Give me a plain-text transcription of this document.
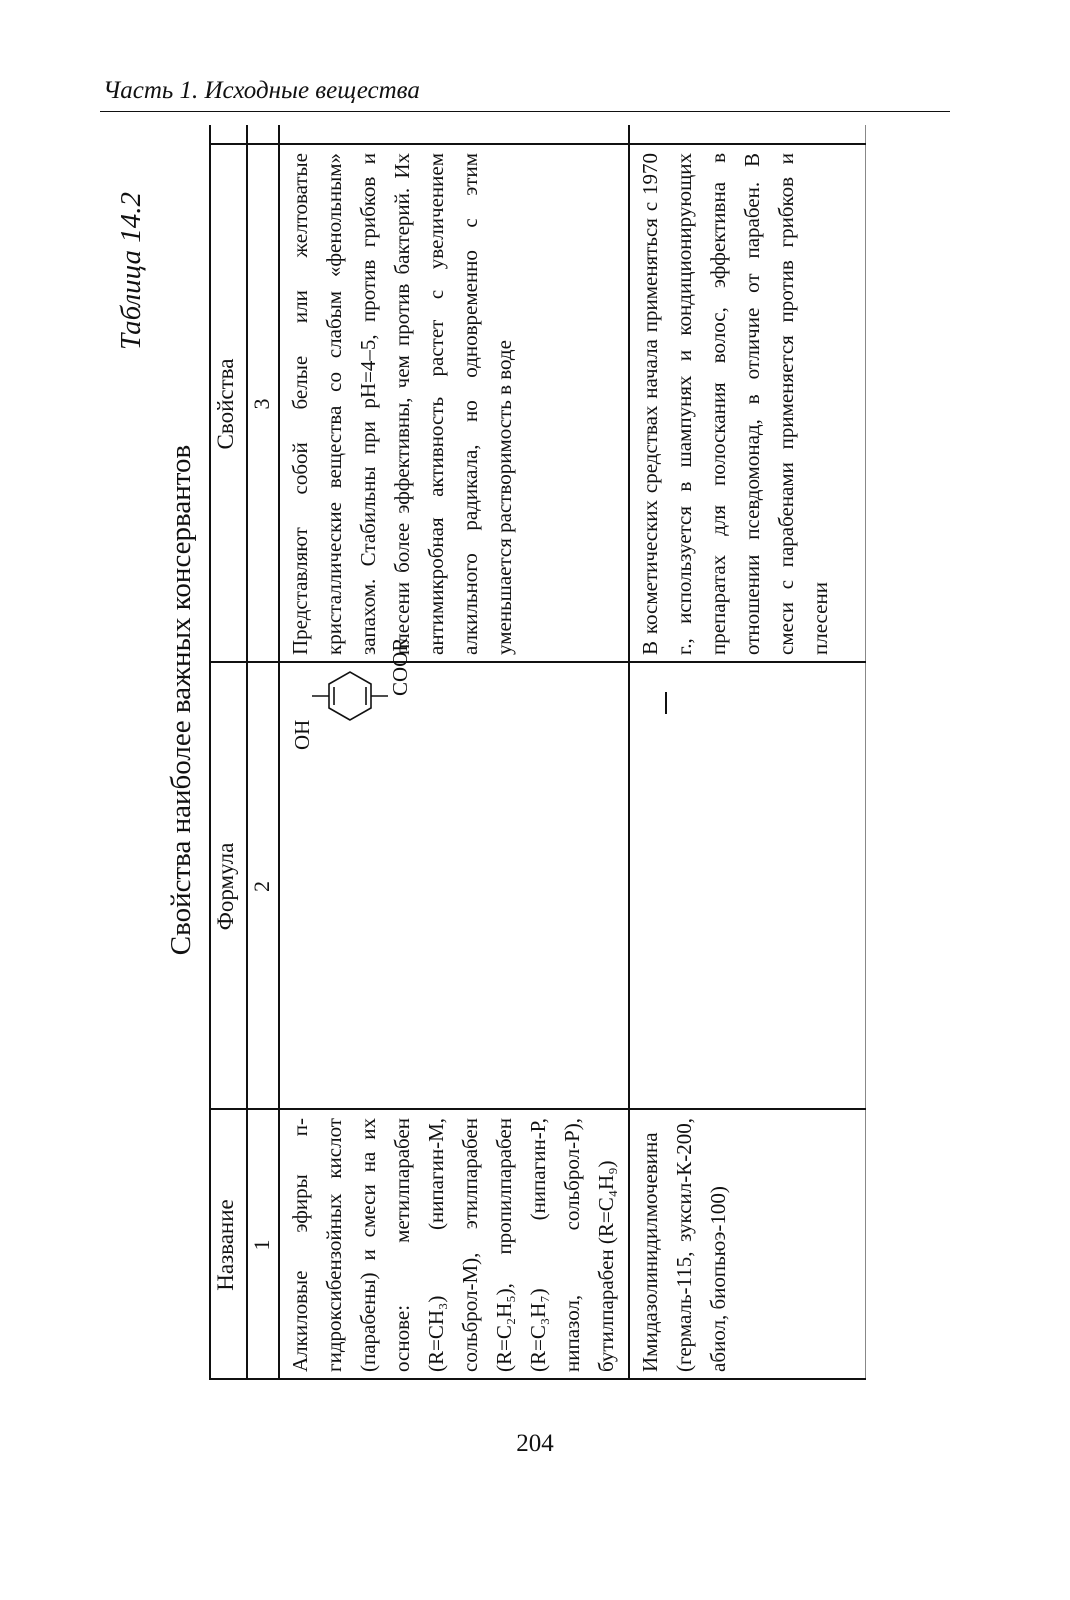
Часть 1. Исходные вещества
Таблица 14.2
Свойства наиболее важных консервантов
Название
Формула
Свойства
1
2
3
Алкиловые эфиры п-гидроксибензойных кислот (парабены) и смеси на их основе: метилпарабен (R=CH₃) (нипагин-М, сольброл-М), этилпарабен (R=C₂H₅), пропилпарабен (R=C₃H₇) (нипагин-Р, нипазол, сольброл-Р), бутилпарабен (R=C₄H₉)
OH
COOR
Представляют собой белые или желтоватые кристаллические вещества со слабым «фенольным» запахом. Стабильны при pH=4–5, против грибков и плесени более эффективны, чем против бактерий. Их антимикробная активность растет с увеличением алкильного радикала, но одновременно с этим уменьшается растворимость в воде
Имидазолинидилмочевина (гермаль-115, зуксил-К-200, абиол, биопьюэ-100)
В косметических средствах начала применяться с 1970 г., используется в шампунях и кондиционирующих препаратах для полоскания волос, эффективна в отношении псевдомонад, в отличие от парабен. В смеси с парабенами применяется против грибков и плесени
204
